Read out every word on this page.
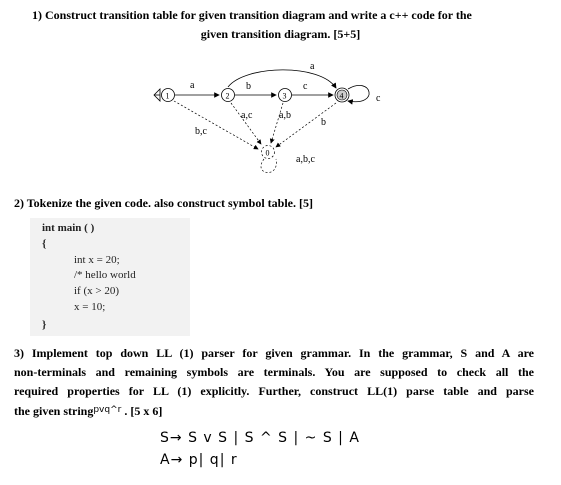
1) Construct transition table for given transition diagram and write a c++ code for the
given transition diagram. [5+5]
a	b	c
a
c
b,c
a,c	a,b
b
a,b,c
1	2	3	4
0
2) Tokenize the given code. also construct symbol table. [5]
int main ( )
{
int x = 20;
/* hello world
if (x > 20)
x = 10;
}
3) Implement top down LL (1) parser for given grammar. In the grammar, S and A are
non-terminals and remaining symbols are terminals. You are supposed to check all the
required properties for LL (1) explicitly. Further, construct LL(1) parse table and parse
the given string$^{pvq\^{}r}$ . [5 x 6]
S→ S v S | S ^ S | ~ S | A
A→ p| q| r
